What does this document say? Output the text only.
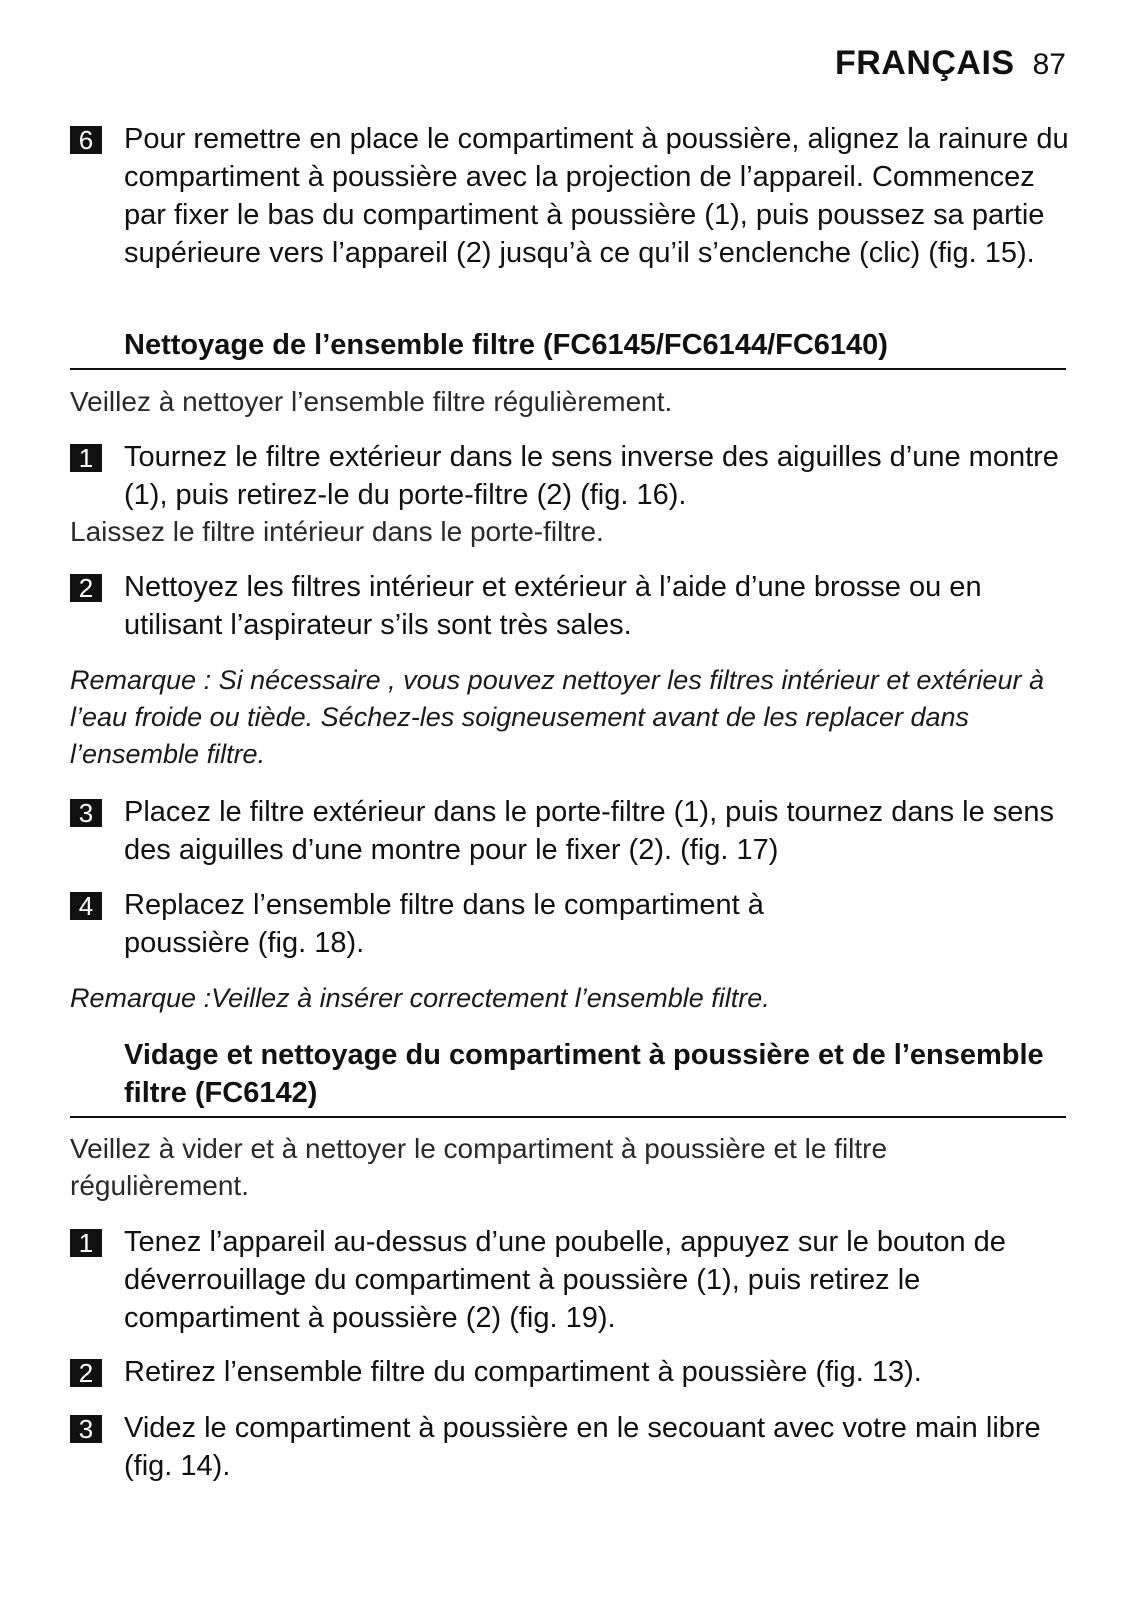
FRANÇAIS 87
6	Pour remettre en place le compartiment à poussière, alignez la rainure du compartiment à poussière avec la projection de l’appareil. Commencez par fixer le bas du compartiment à poussière (1), puis poussez sa partie supérieure vers l’appareil (2) jusqu’à ce qu’il s’enclenche (clic) (fig. 15).
Nettoyage de l’ensemble filtre (FC6145/FC6144/FC6140)
Veillez à nettoyer l’ensemble filtre régulièrement.
1	Tournez le filtre extérieur dans le sens inverse des aiguilles d’une montre (1), puis retirez-le du porte-filtre (2) (fig. 16).
Laissez le filtre intérieur dans le porte-filtre.
2	Nettoyez les filtres intérieur et extérieur à l’aide d’une brosse ou en utilisant l’aspirateur s’ils sont très sales.
Remarque : Si nécessaire , vous pouvez nettoyer les filtres intérieur et extérieur à l’eau froide ou tiède. Séchez-les soigneusement avant de les replacer dans l’ensemble filtre.
3	Placez le filtre extérieur dans le porte-filtre (1), puis tournez dans le sens des aiguilles d’une montre pour le fixer (2). (fig. 17)
4	Replacez l’ensemble filtre dans le compartiment à poussière (fig. 18).
Remarque :Veillez à insérer correctement l’ensemble filtre.
Vidage et nettoyage du compartiment à poussière et de l’ensemble filtre (FC6142)
Veillez à vider et à nettoyer le compartiment à poussière et le filtre régulièrement.
1	Tenez l’appareil au-dessus d’une poubelle, appuyez sur le bouton de déverrouillage du compartiment à poussière (1), puis retirez le compartiment à poussière (2) (fig. 19).
2	Retirez l’ensemble filtre du compartiment à poussière (fig. 13).
3	Videz le compartiment à poussière en le secouant avec votre main libre (fig. 14).
